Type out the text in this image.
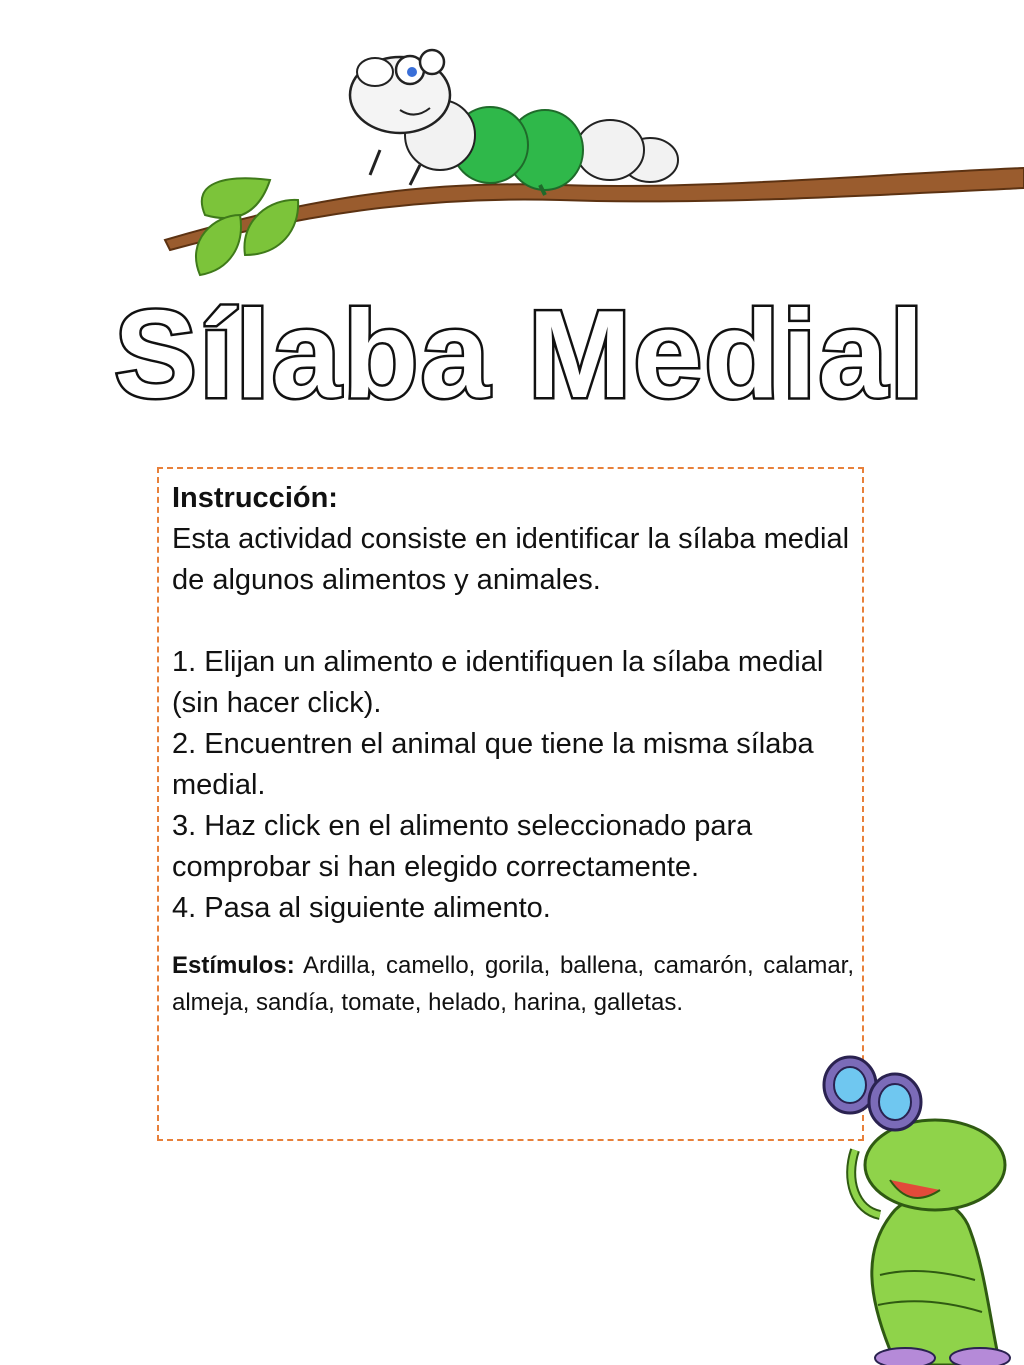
Sílaba Medial
Instrucción:
Esta actividad consiste en identificar la sílaba medial de algunos alimentos y animales.
1. Elijan un alimento e identifiquen la sílaba medial (sin hacer click).
2. Encuentren el animal que tiene la misma sílaba medial.
3. Haz click en el alimento seleccionado para comprobar si han elegido correctamente.
4. Pasa al siguiente alimento.
Estímulos: Ardilla, camello, gorila, ballena, camarón, calamar, almeja, sandía, tomate, helado, harina, galletas.
